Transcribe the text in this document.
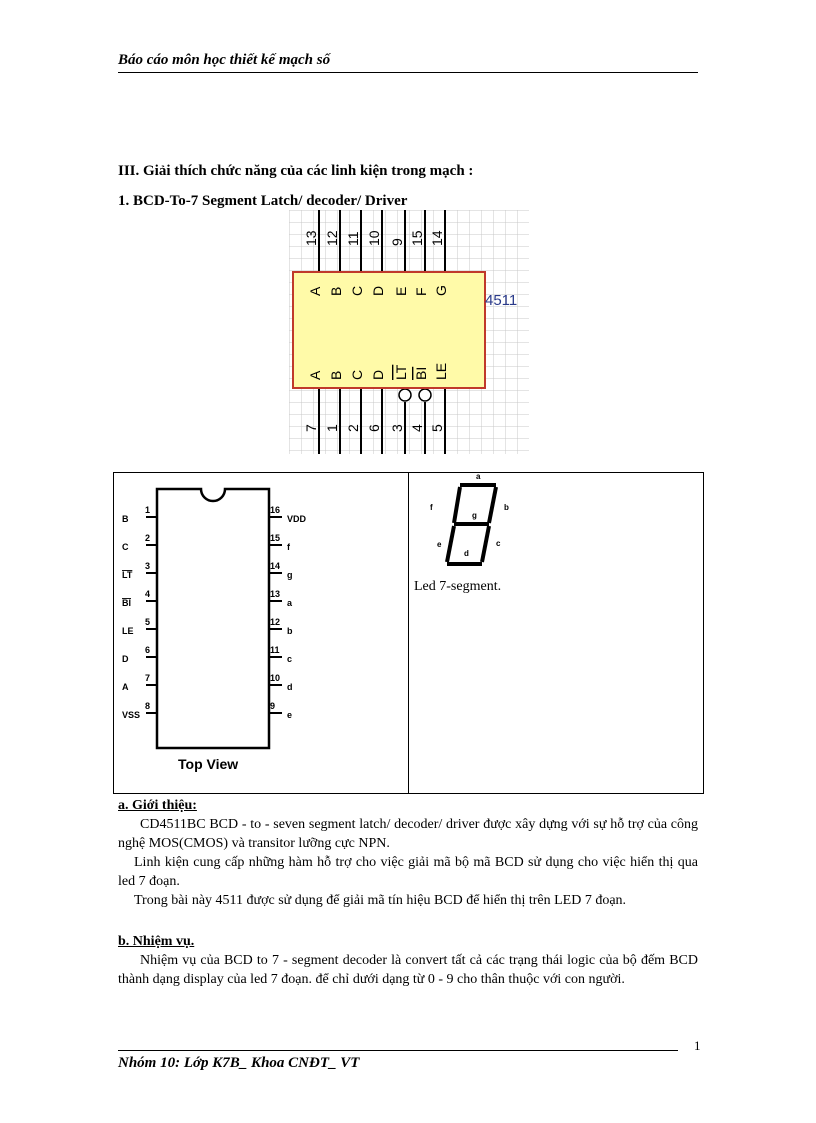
Báo cáo môn học thiết kế mạch số
III. Giải thích chức năng của các linh kiện trong mạch :
1. BCD-To-7 Segment Latch/ decoder/ Driver
13
A
A
7
12
B
B
1
11
C
C
2
10
D
D
6
9
E
LT
3
15
F
BI
4
14
G
LE
5
4511
1
B
2
C
3
LT
4
BI
5
LE
6
D
7
A
8
VSS
16
VDD
15
f
14
g
13
a
12
b
11
c
10
d
9
e
Top View
a
b
c
d
e
f
g
Led 7-segment.

a. Giới thiệu:

CD4511BC BCD - to - seven segment latch/ decoder/ driver được xây dựng với sự hỗ trợ của công nghệ MOS(CMOS) và transitor lưỡng cực NPN.

Linh kiện cung cấp những hàm hỗ trợ cho việc giải mã bộ mã BCD sử dụng cho việc hiển thị qua led 7 đoạn.

Trong bài này 4511 được sử dụng để giải mã tín hiệu BCD để hiển thị trên LED 7 đoạn.

b. Nhiệm vụ.

Nhiệm vụ của BCD to 7 - segment decoder là convert tất cả các trạng thái logic của bộ đếm BCD thành dạng display của led 7 đoạn. để chỉ dưới dạng từ 0 - 9 cho thân thuộc với con người.

1
Nhóm 10: Lớp K7B_ Khoa CNĐT_ VT
